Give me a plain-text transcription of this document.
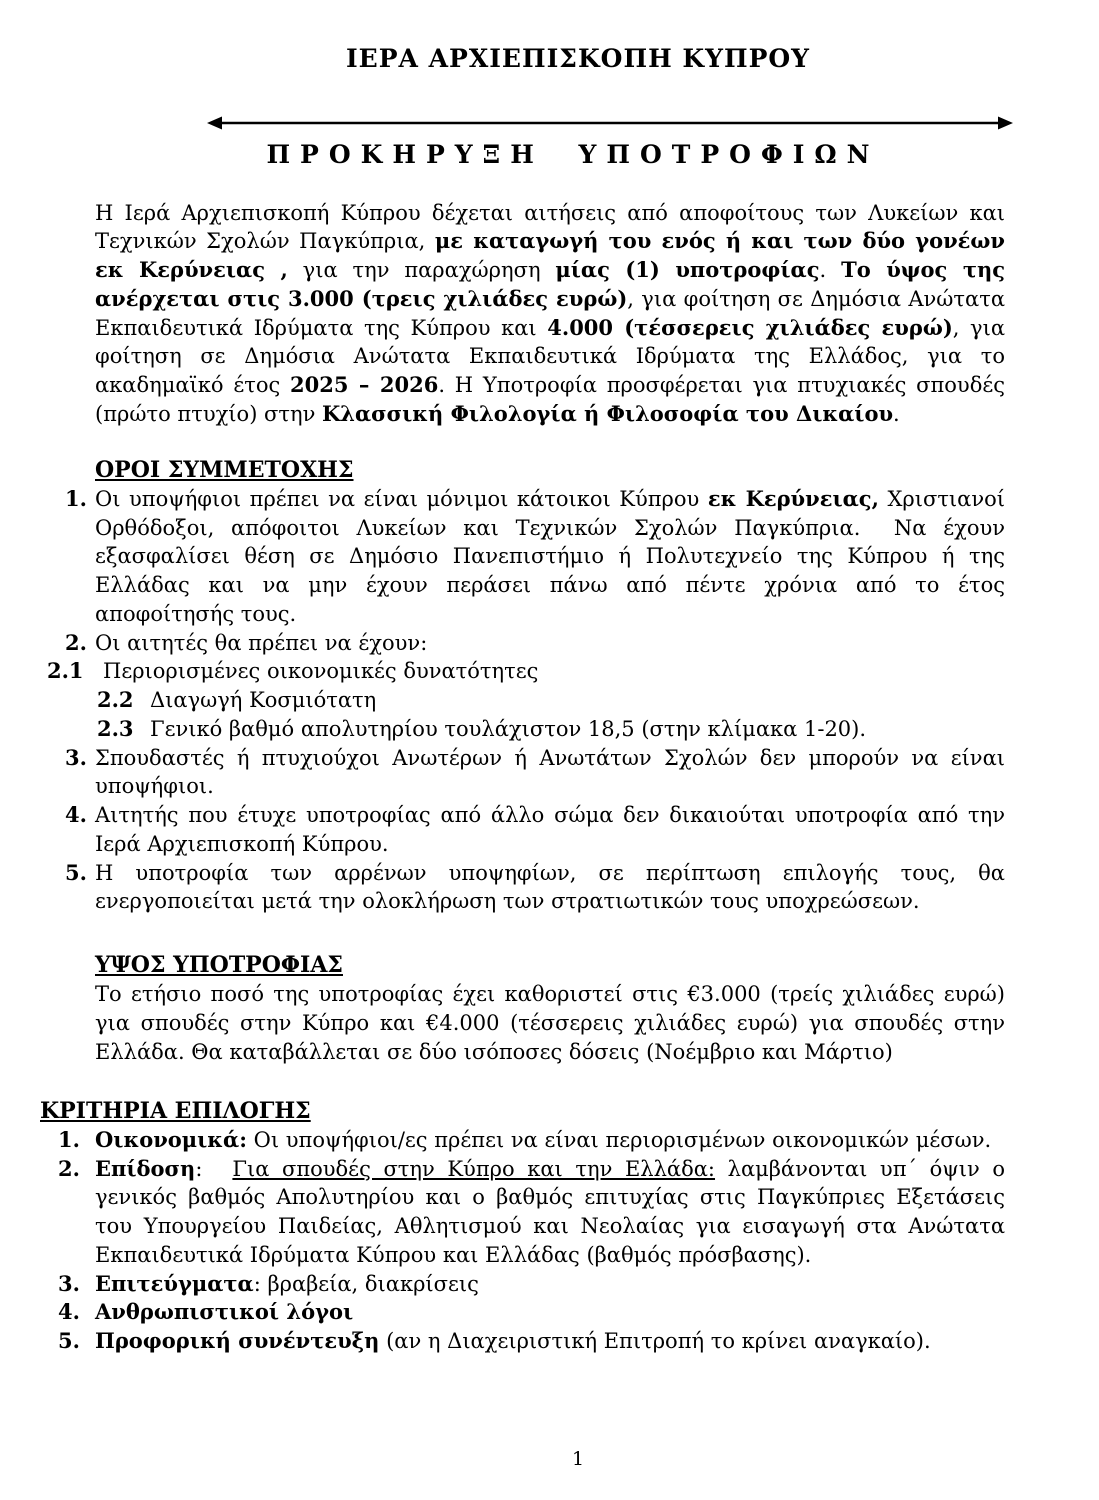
ΙΕΡΑ ΑΡΧΙΕΠΙΣΚΟΠΗ ΚΥΠΡΟΥ
ΠΡΟΚΗΡΥΞΗ ΥΠΟΤΡΟΦΙΩΝ

Η Ιερά Αρχιεπισκοπή Κύπρου δέχεται αιτήσεις από αποφοίτους των Λυκείων και Τεχνικών Σχολών Παγκύπρια, με καταγωγή του ενός ή και των δύο γονέων εκ Κερύνειας , για την παραχώρηση μίας (1) υποτροφίας. Το ύψος της ανέρχεται στις 3.000 (τρεις χιλιάδες ευρώ), για φοίτηση σε Δημόσια Ανώτατα Εκπαιδευτικά Ιδρύματα της Κύπρου και 4.000 (τέσσερεις χιλιάδες ευρώ), για φοίτηση σε Δημόσια Ανώτατα Εκπαιδευτικά Ιδρύματα της Ελλάδος, για το ακαδημαϊκό έτος 2025 – 2026. Η Υποτροφία προσφέρεται για πτυχιακές σπουδές (πρώτο πτυχίο) στην Κλασσική Φιλολογία ή Φιλοσοφία του Δικαίου.

ΟΡΟΙ ΣΥΜΜΕΤΟΧΗΣ
1. Οι υποψήφιοι πρέπει να είναι μόνιμοι κάτοικοι Κύπρου εκ Κερύνειας, Χριστιανοί Ορθόδοξοι, απόφοιτοι Λυκείων και Τεχνικών Σχολών Παγκύπρια.  Να έχουν εξασφαλίσει θέση σε Δημόσιο Πανεπιστήμιο ή Πολυτεχνείο της Κύπρου ή της Ελλάδας και να μην έχουν περάσει πάνω από πέντε χρόνια από το έτος αποφοίτησής τους.
2. Οι αιτητές θα πρέπει να έχουν:
2.1 Περιορισμένες οικονομικές δυνατότητες
2.2 Διαγωγή Κοσμιότατη
2.3 Γενικό βαθμό απολυτηρίου τουλάχιστον 18,5 (στην κλίμακα 1-20).
3. Σπουδαστές ή πτυχιούχοι Ανωτέρων ή Ανωτάτων Σχολών δεν μπορούν να είναι υποψήφιοι.
4. Αιτητής που έτυχε υποτροφίας από άλλο σώμα δεν δικαιούται υποτροφία από την Ιερά Αρχιεπισκοπή Κύπρου.
5. Η υποτροφία των αρρένων υποψηφίων, σε περίπτωση επιλογής τους, θα ενεργοποιείται μετά την ολοκλήρωση των στρατιωτικών τους υποχρεώσεων.
ΥΨΟΣ ΥΠΟΤΡΟΦΙΑΣ

Το ετήσιο ποσό της υποτροφίας έχει καθοριστεί στις €3.000 (τρείς χιλιάδες ευρώ) για σπουδές στην Κύπρο και €4.000 (τέσσερεις χιλιάδες ευρώ) για σπουδές στην Ελλάδα. Θα καταβάλλεται σε δύο ισόποσες δόσεις (Νοέμβριο και Μάρτιο)

ΚΡΙΤΗΡΙΑ ΕΠΙΛΟΓΗΣ
1. Οικονομικά: Οι υποψήφιοι/ες πρέπει να είναι περιορισμένων οικονομικών μέσων.
2. Επίδοση: Για σπουδές στην Κύπρο και την Ελλάδα: λαμβάνονται υπ΄ όψιν ο γενικός βαθμός Απολυτηρίου και ο βαθμός επιτυχίας στις Παγκύπριες Εξετάσεις του Υπουργείου Παιδείας, Αθλητισμού και Νεολαίας για εισαγωγή στα Ανώτατα Εκπαιδευτικά Ιδρύματα Κύπρου και Ελλάδας (βαθμός πρόσβασης).
3. Επιτεύγματα: βραβεία, διακρίσεις
4. Ανθρωπιστικοί λόγοι
5. Προφορική συνέντευξη (αν η Διαχειριστική Επιτροπή το κρίνει αναγκαίο).
1
